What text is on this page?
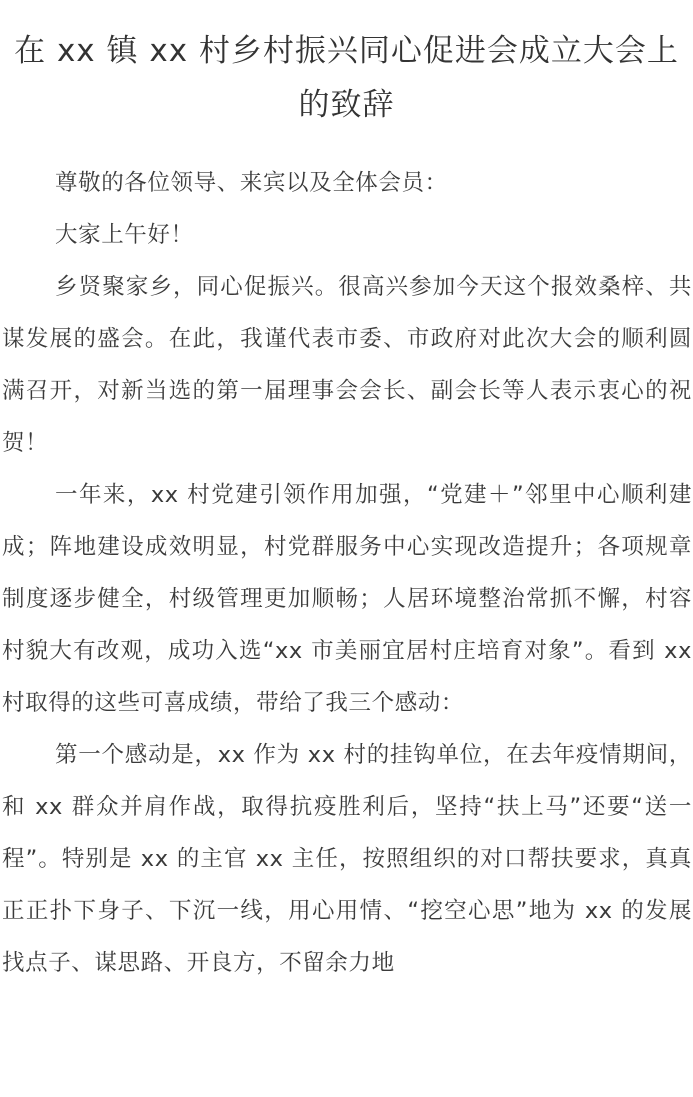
在 xx 镇 xx 村乡村振兴同心促进会成立大会上的致辞

尊敬的各位领导、来宾以及全体会员：

大家上午好！

乡贤聚家乡，同心促振兴。很高兴参加今天这个报效桑梓、共谋发展的盛会。在此，我谨代表市委、市政府对此次大会的顺利圆满召开，对新当选的第一届理事会会长、副会长等人表示衷心的祝贺！

一年来，xx 村党建引领作用加强，“党建＋”邻里中心顺利建成；阵地建设成效明显，村党群服务中心实现改造提升；各项规章制度逐步健全，村级管理更加顺畅；人居环境整治常抓不懈，村容村貌大有改观，成功入选“xx 市美丽宜居村庄培育对象”。看到 xx 村取得的这些可喜成绩，带给了我三个感动：

第一个感动是，xx 作为 xx 村的挂钩单位，在去年疫情期间，和 xx 群众并肩作战，取得抗疫胜利后，坚持“扶上马”还要“送一程”。特别是 xx 的主官 xx 主任，按照组织的对口帮扶要求，真真正正扑下身子、下沉一线，用心用情、“挖空心思”地为 xx 的发展找点子、谋思路、开良方，不留余力地
